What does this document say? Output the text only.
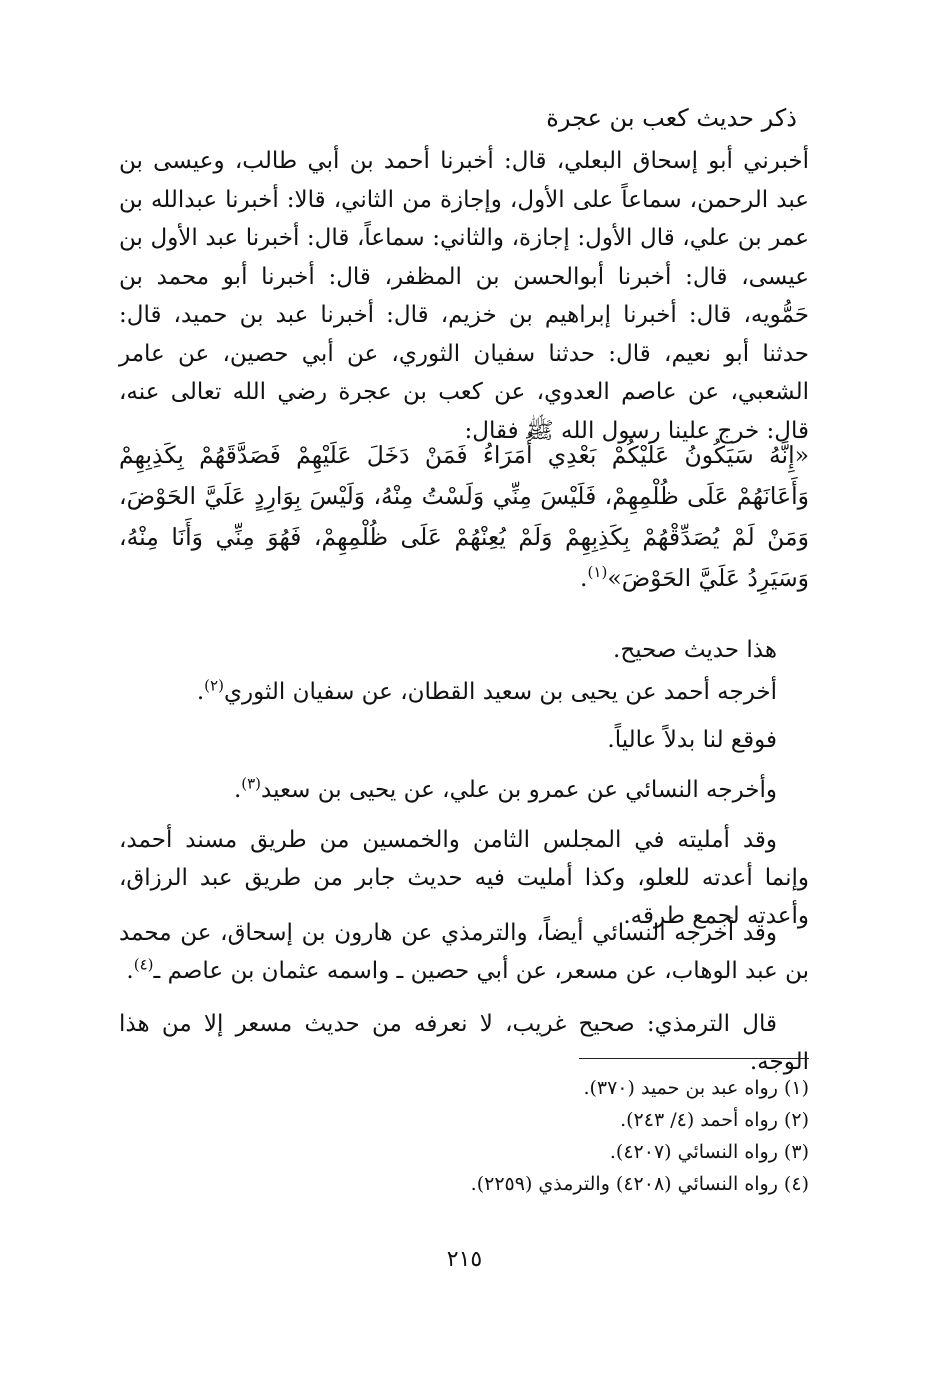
ذكر حديث كعب بن عجرة
أخبرني أبو إسحاق البعلي، قال: أخبرنا أحمد بن أبي طالب، وعيسى بن عبد الرحمن، سماعاً على الأول، وإجازة من الثاني، قالا: أخبرنا عبدالله بن عمر بن علي، قال الأول: إجازة، والثاني: سماعاً، قال: أخبرنا عبد الأول بن عيسى، قال: أخبرنا أبوالحسن بن المظفر، قال: أخبرنا أبو محمد بن حَمُّويه، قال: أخبرنا إبراهيم بن خزيم، قال: أخبرنا عبد بن حميد، قال: حدثنا أبو نعيم، قال: حدثنا سفيان الثوري، عن أبي حصين، عن عامر الشعبي، عن عاصم العدوي، عن كعب بن عجرة رضي الله تعالى عنه، قال: خرج علينا رسول الله ﷺ فقال:
«إِنَّهُ سَيَكُونُ عَلَيْكُمْ بَعْدِي أُمَرَاءُ فَمَنْ دَخَلَ عَلَيْهِمْ فَصَدَّقَهُمْ بِكَذِبِهِمْ وَأَعَانَهُمْ عَلَى ظُلْمِهِمْ، فَلَيْسَ مِنِّي وَلَسْتُ مِنْهُ، وَلَيْسَ بِوَارِدٍ عَلَيَّ الحَوْضَ، وَمَنْ لَمْ يُصَدِّقْهُمْ بِكَذِبِهِمْ وَلَمْ يُعِنْهُمْ عَلَى ظُلْمِهِمْ، فَهُوَ مِنِّي وَأَنَا مِنْهُ، وَسَيَرِدُ عَلَيَّ الحَوْضَ»$^{(١)}$.
هذا حديث صحيح.
أخرجه أحمد عن يحيى بن سعيد القطان، عن سفيان الثوري$^{(٢)}$.
فوقع لنا بدلاً عالياً.
وأخرجه النسائي عن عمرو بن علي، عن يحيى بن سعيد$^{(٣)}$.
وقد أمليته في المجلس الثامن والخمسين من طريق مسند أحمد، وإنما أعدته للعلو، وكذا أمليت فيه حديث جابر من طريق عبد الرزاق، وأعدته لجمع طرقه.
وقد أخرجه النسائي أيضاً، والترمذي عن هارون بن إسحاق، عن محمد بن عبد الوهاب، عن مسعر، عن أبي حصين ـ واسمه عثمان بن عاصم ـ$^{(٤)}$.
قال الترمذي: صحيح غريب، لا نعرفه من حديث مسعر إلا من هذا الوجه.
(١) رواه عبد بن حميد (٣٧٠).
(٢) رواه أحمد (٤/ ٢٤٣).
(٣) رواه النسائي (٤٢٠٧).
(٤) رواه النسائي (٤٢٠٨) والترمذي (٢٢٥٩).
٢١٥
